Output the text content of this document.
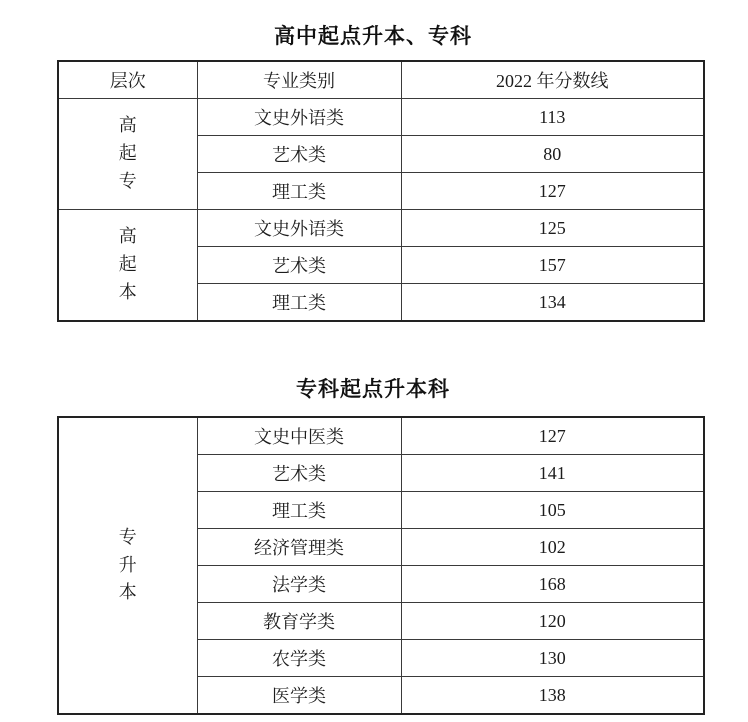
高中起点升本、专科
层次	专业类别	2022 年分数线
高起专	文史外语类	113
	艺术类	80
	理工类	127
高起本	文史外语类	125
	艺术类	157
	理工类	134
专科起点升本科
专升本	文史中医类	127
	艺术类	141
	理工类	105
	经济管理类	102
	法学类	168
	教育学类	120
	农学类	130
	医学类	138
